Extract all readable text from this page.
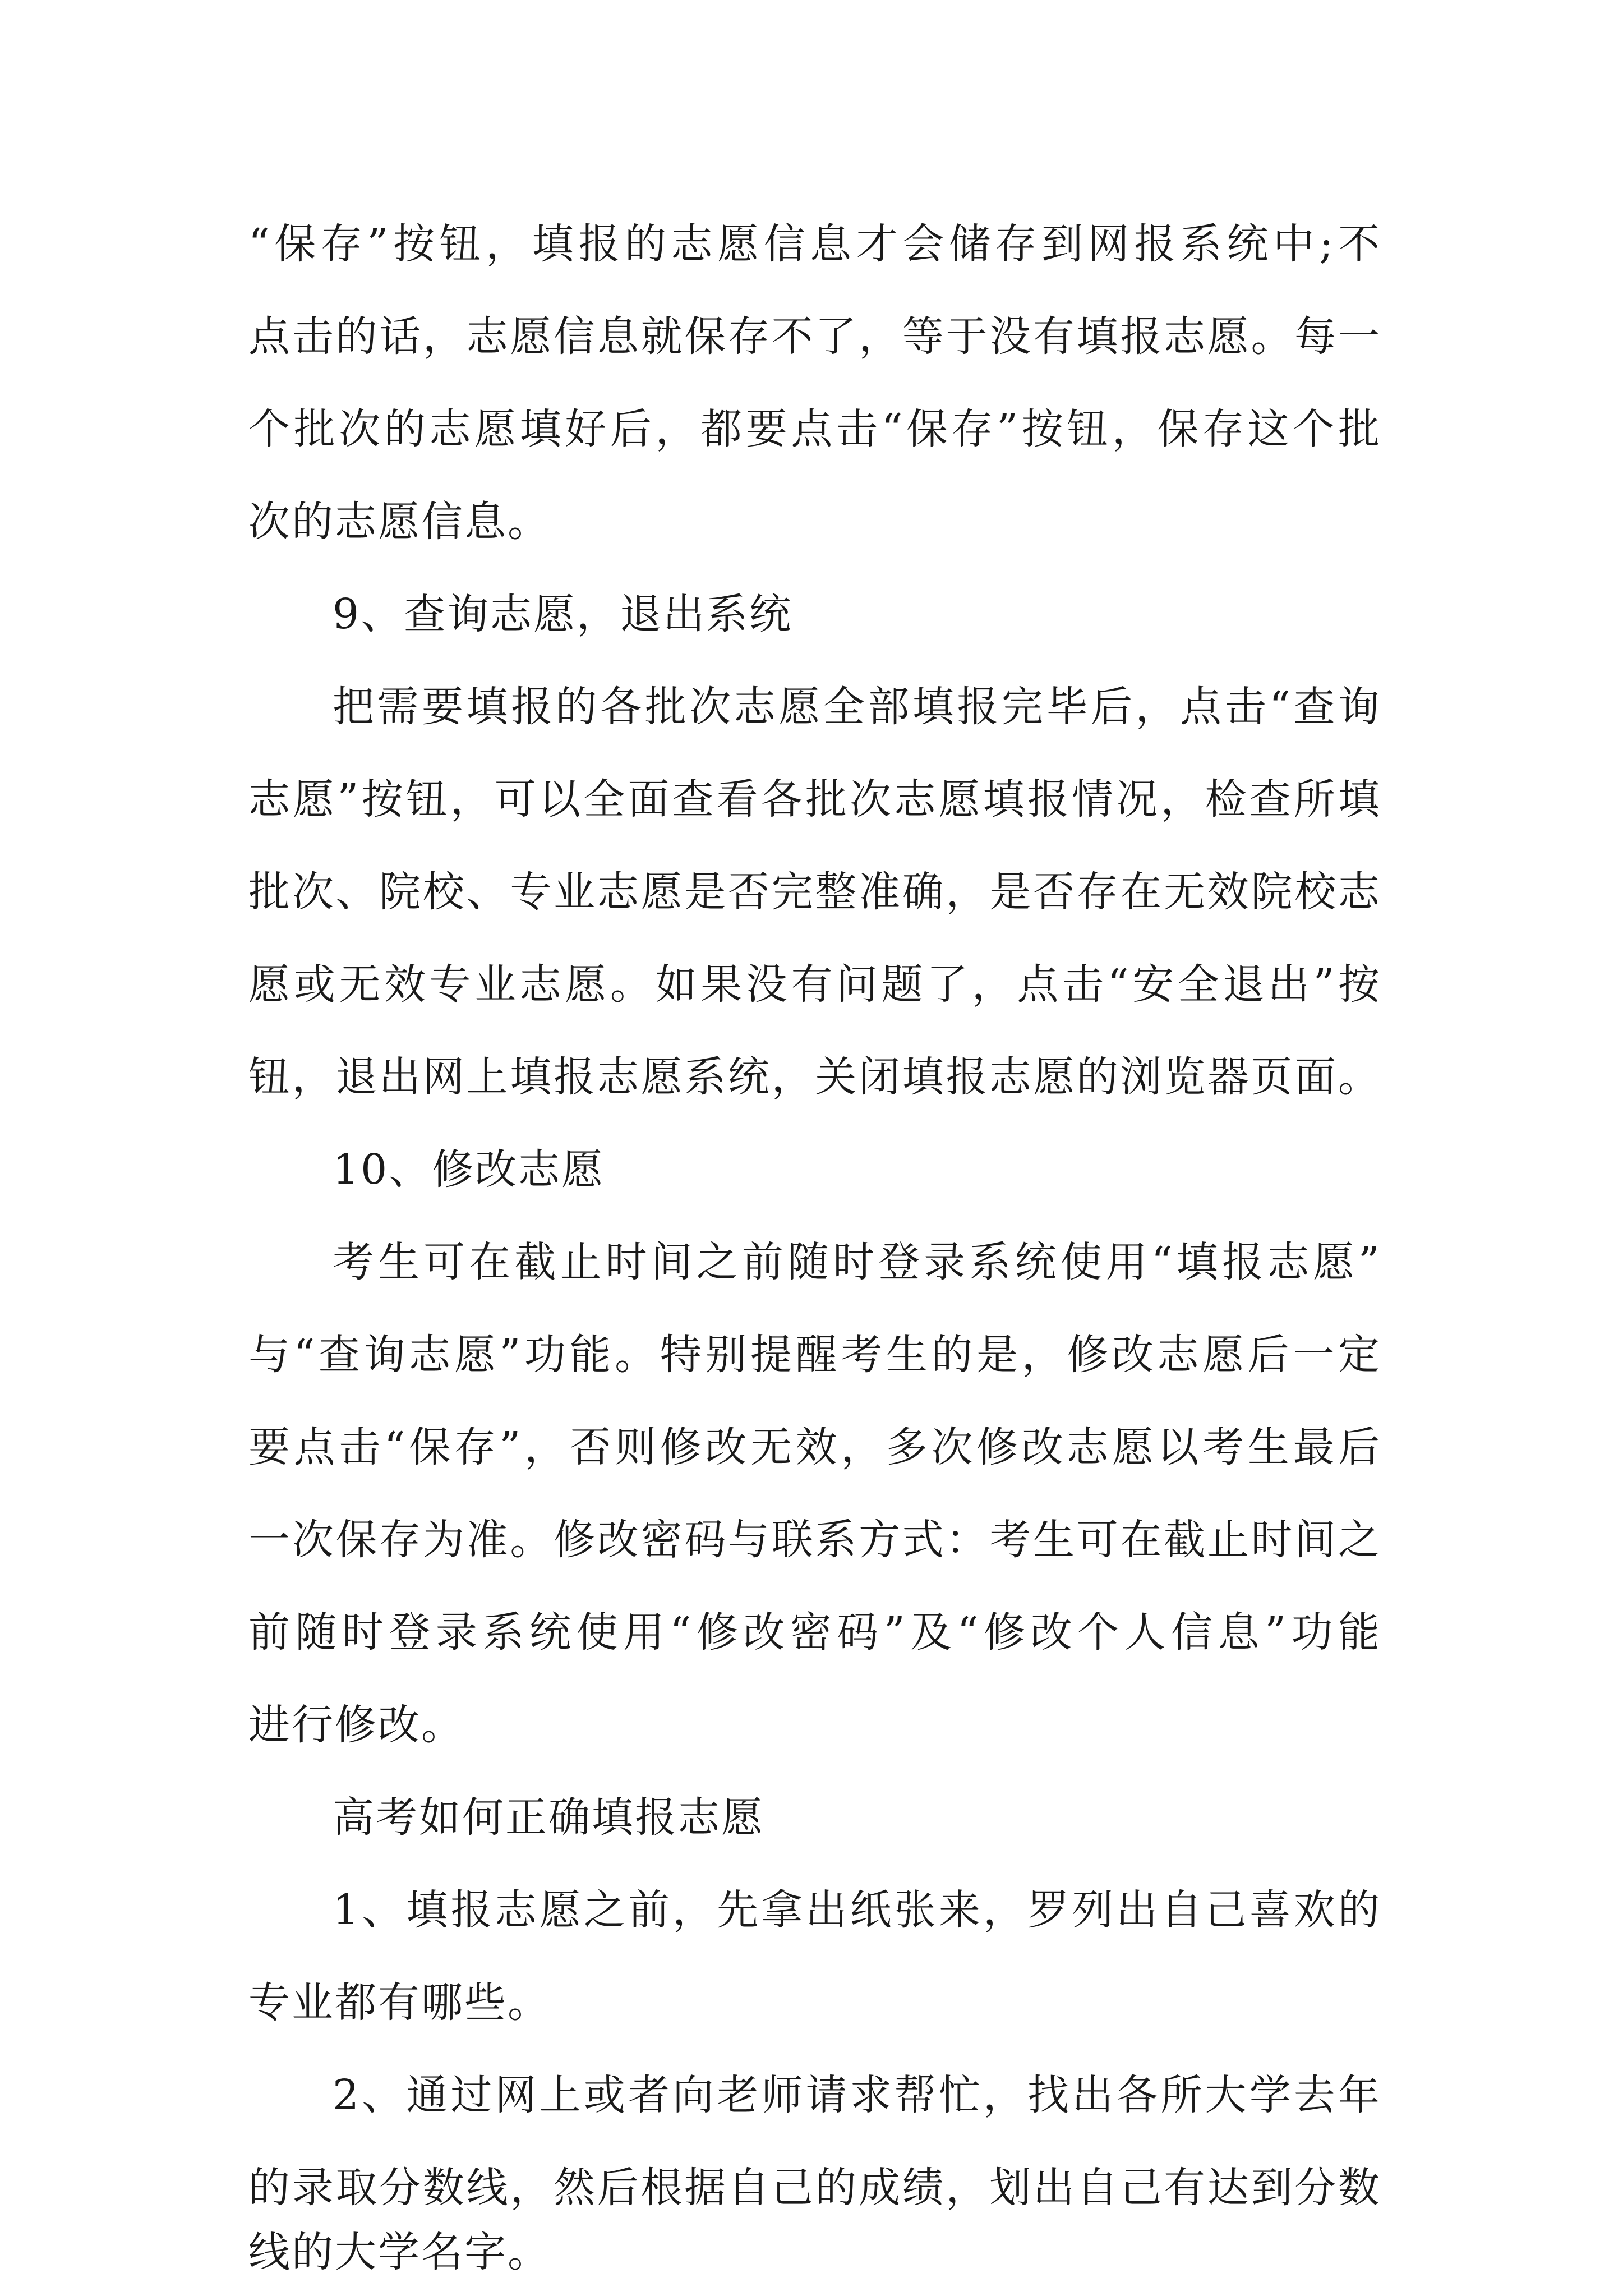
“保存”按钮，填报的志愿信息才会储存到网报系统中;不
点击的话，志愿信息就保存不了，等于没有填报志愿。每一
个批次的志愿填好后，都要点击“保存”按钮，保存这个批
次的志愿信息。
9、查询志愿，退出系统
把需要填报的各批次志愿全部填报完毕后，点击“查询
志愿”按钮，可以全面查看各批次志愿填报情况，检查所填
批次、院校、专业志愿是否完整准确，是否存在无效院校志
愿或无效专业志愿。如果没有问题了，点击“安全退出”按
钮，退出网上填报志愿系统，关闭填报志愿的浏览器页面。
10、修改志愿
考生可在截止时间之前随时登录系统使用“填报志愿”
与“查询志愿”功能。特别提醒考生的是，修改志愿后一定
要点击“保存”，否则修改无效，多次修改志愿以考生最后
一次保存为准。修改密码与联系方式：考生可在截止时间之
前随时登录系统使用“修改密码”及“修改个人信息”功能
进行修改。
高考如何正确填报志愿
1、填报志愿之前，先拿出纸张来，罗列出自己喜欢的
专业都有哪些。
2、通过网上或者向老师请求帮忙，找出各所大学去年
的录取分数线，然后根据自己的成绩，划出自己有达到分数
线的大学名字。
